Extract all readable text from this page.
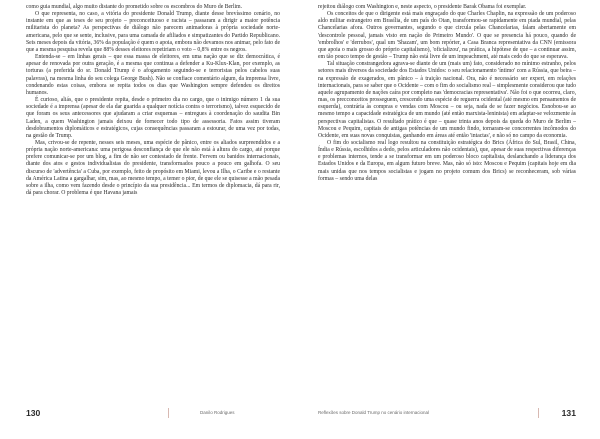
como guia mundial, algo muito distante do prometido sobre os escombros do Muro de Berlim.

O que representa, no caso, a vitória do presidente Donald Trump, diante desse brevíssimo cenário, no instante em que as teses de seu projeto – preconceituoso e racista – passaram a dirigir a maior potência militarista do planeta? As perspectivas de diálogo não parecem animadoras à própria sociedade norte-americana, pelo que se sente, inclusive, para uma camada de afiliados e simpatizantes do Partido Republicano. Seis meses depois da vitória, 36% da população é quem o apoia, embora não devamos nos animar, pelo fato de que a mesma pesquisa revela que 88% desses eleitores repetiriam o voto – 0,8% entre os negros.

Entenda-se – em linhas gerais – que essa massa de eleitores, em uma nação que se diz democrática, é apesar de renovada por outra geração, é a mesma que continua a defender a Ku-Klux-Klan, por exemplo, as torturas (a preferida do sr. Donald Trump é o afogamento seguindo-se e terroristas pelos cabelos suas palavras), na mesma linha do seu colega George Bush). Não se confiace comentário algum, da imprensa livre, condenando estas coisas, embora se repita todos os dias que Washington sempre defendeu os direitos humanos.

É curioso, aliás, que o presidente repita, desde o primeiro dia no cargo, que o inimigo número 1 da sua sociedade é a imprensa (apesar de ela dar guarida a qualquer notícia contra o terrorismo), talvez esquecido de que foram os seus antecessores que ajudaram a criar esquemas – entregues à coordenação do saudita Bin Laden, a quem Washington jamais deixou de fornecer todo tipo de assessoria. Fatos assim tiveram desdobramentos diplomáticos e estratégicos, cujas consequências passaram a estourar, de uma vez por todas, na gestão de Trump.

Mas, crivou-se de repente, nesses seis meses, uma espécie de pânico, entre os aliados surpreendidos e a própria nação norte-americana: uma perigosa desconfiança de que ele não está à altura do cargo, até porque prefere comunicar-se por um blog, a fim de não ser contestado de frente. Fervem ou banidos internacionais, diante dos atos e gestos individualistas do presidente, transformados pouco a pouco em galhofa. O seu discurso de 'advertência' a Cuba, por exemplo, feito de propósito em Miami, levou a Ilha, o Caribe e o restante da América Latina a gargalhar, sim, mas, ao mesmo tempo, a temer o pior, de que ele se quisesse a mão pesada sobre a ilha, como vem fazendo desde o princípio da sua presidência... Em termos de diplomacia, dá para rir, dá para chorar. O problema é que Havana jamais

130	Danilo Rodrigues

rejeitou diálogo com Washington e, neste aspecto, o presidente Barak Obama foi exemplar.

Os conceitos de que o dirigente está mais engraçado do que Charles Chaplin, na expressão de um poderoso aldo militar estrangeiro em Brasília, de um país do Otan, transformou-se rapidamente em piada mundial, pelas Chancelarias afora. Outros governantes, segundo o que circula pelas Chancelarias, falam abertamente em 'descontrole pessoal, jamais visto em nação do Primeiro Mundo'. O que se presencia há pouco, quando de 'embrolhos' e 'derrubos', qual um 'Shazam', um bom repórter, a Casa Branca representativa da CNN (emissora que apoia o mais grosso do próprio capitalismo), 'oficializou', na prática, a hipótese de que – a continuar assim, em tão pouco tempo de gestão – Trump não está livre de um impeachment, até mais cedo do que se esperava.

Tal situação constrangedora agrava-se diante de um (mais um) fato, considerado no mínimo estranho, pelos setores mais diversos da sociedade dos Estados Unidos: o seu relacionamento 'íntimo' com a Rússia, que beira – na expressão de exagerados, em pânico – à traição nacional. Ora, não é necessário ser expert, em relações internacionais, para se saber que o Ocidente – com o fim do socialismo real – simplesmente considerou que tudo aquele agrupamento de nações caíra por completo nas 'democracias representativa'. Não foi o que ocorreu, claro, mas, os precconceitos prosseguem, crescendo uma espécie de reguerra ocidental (até mesmo em pensamentos de esquerda), contrária às compras e vendas com Moscou – ou seja, nada de se fazer negócios. Esnobou-se ao mesmo tempo a capacidade estratégica de um mundo (até então marxista-leninista) em adaptar-se velozmente às perspectivas capitalistas. O resultado prático é que – quase trinta anos depois da queda do Muro de Berlim – Moscou e Pequim, capitais de antigas potências de um mundo findo, tornaram-se concorrentes incômodos do Ocidente, em suas novas conquistas, ganhando em áreas até então 'intactas', e não só no campo da economia.

O fim do socialismo real logo resultou na constituição estratégica do Brics (África do Sul, Brasil, China, Índia e Rússia, escolhidos a dedo, pelos articuladores não ocidentais), que, apesar de suas respectivas diferenças e problemas internos, tende a se transformar em um poderoso bloco capitalista, deslanchando a liderança dos Estados Unidos e da Europa, em algum futuro breve. Mas, não só isto: Moscou e Pequim (capitais hoje em dia mais unidas que nos tempos socialistas e jogam no projeto comum dos Brics) se reconheceram, sob várias formas – sendo uma delas

Reflexões sobre Donald Trump no cenário internacional	131
